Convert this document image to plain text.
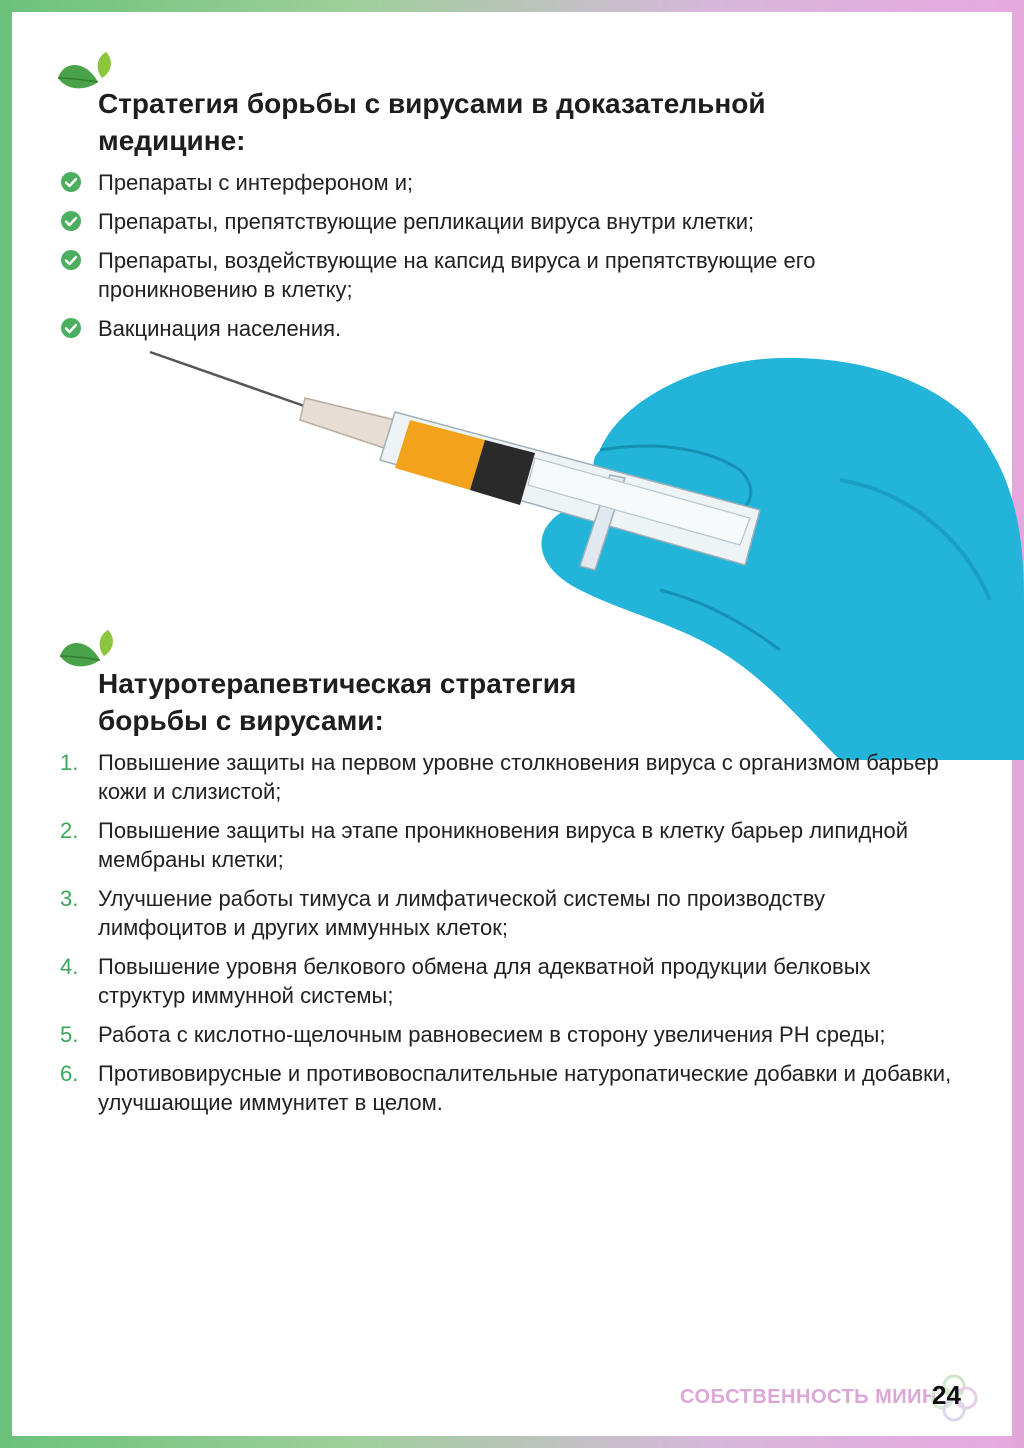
Стратегия борьбы с вирусами в доказательной медицине:
Препараты с интерфероном и;
Препараты, препятствующие репликации вируса внутри клетки;
Препараты, воздействующие на капсид вируса и препятствующие его проникновению в клетку;
Вакцинация населения.
Натуротерапевтическая стратегия борьбы с вирусами:
1. Повышение защиты на первом уровне столкновения вируса с организмом барьер кожи и слизистой;
2. Повышение защиты на этапе проникновения вируса в клетку барьер липидной мембраны клетки;
3. Улучшение работы тимуса и лимфатической системы по производству лимфоцитов и других иммунных клеток;
4. Повышение уровня белкового обмена для адекватной продукции белковых структур иммунной системы;
5. Работа с кислотно-щелочным равновесием в сторону увеличения PH среды;
6. Противовирусные и противовоспалительные натуропатические добавки и добавки, улучшающие иммунитет в целом.
СОБСТВЕННОСТЬ МИИН
24
